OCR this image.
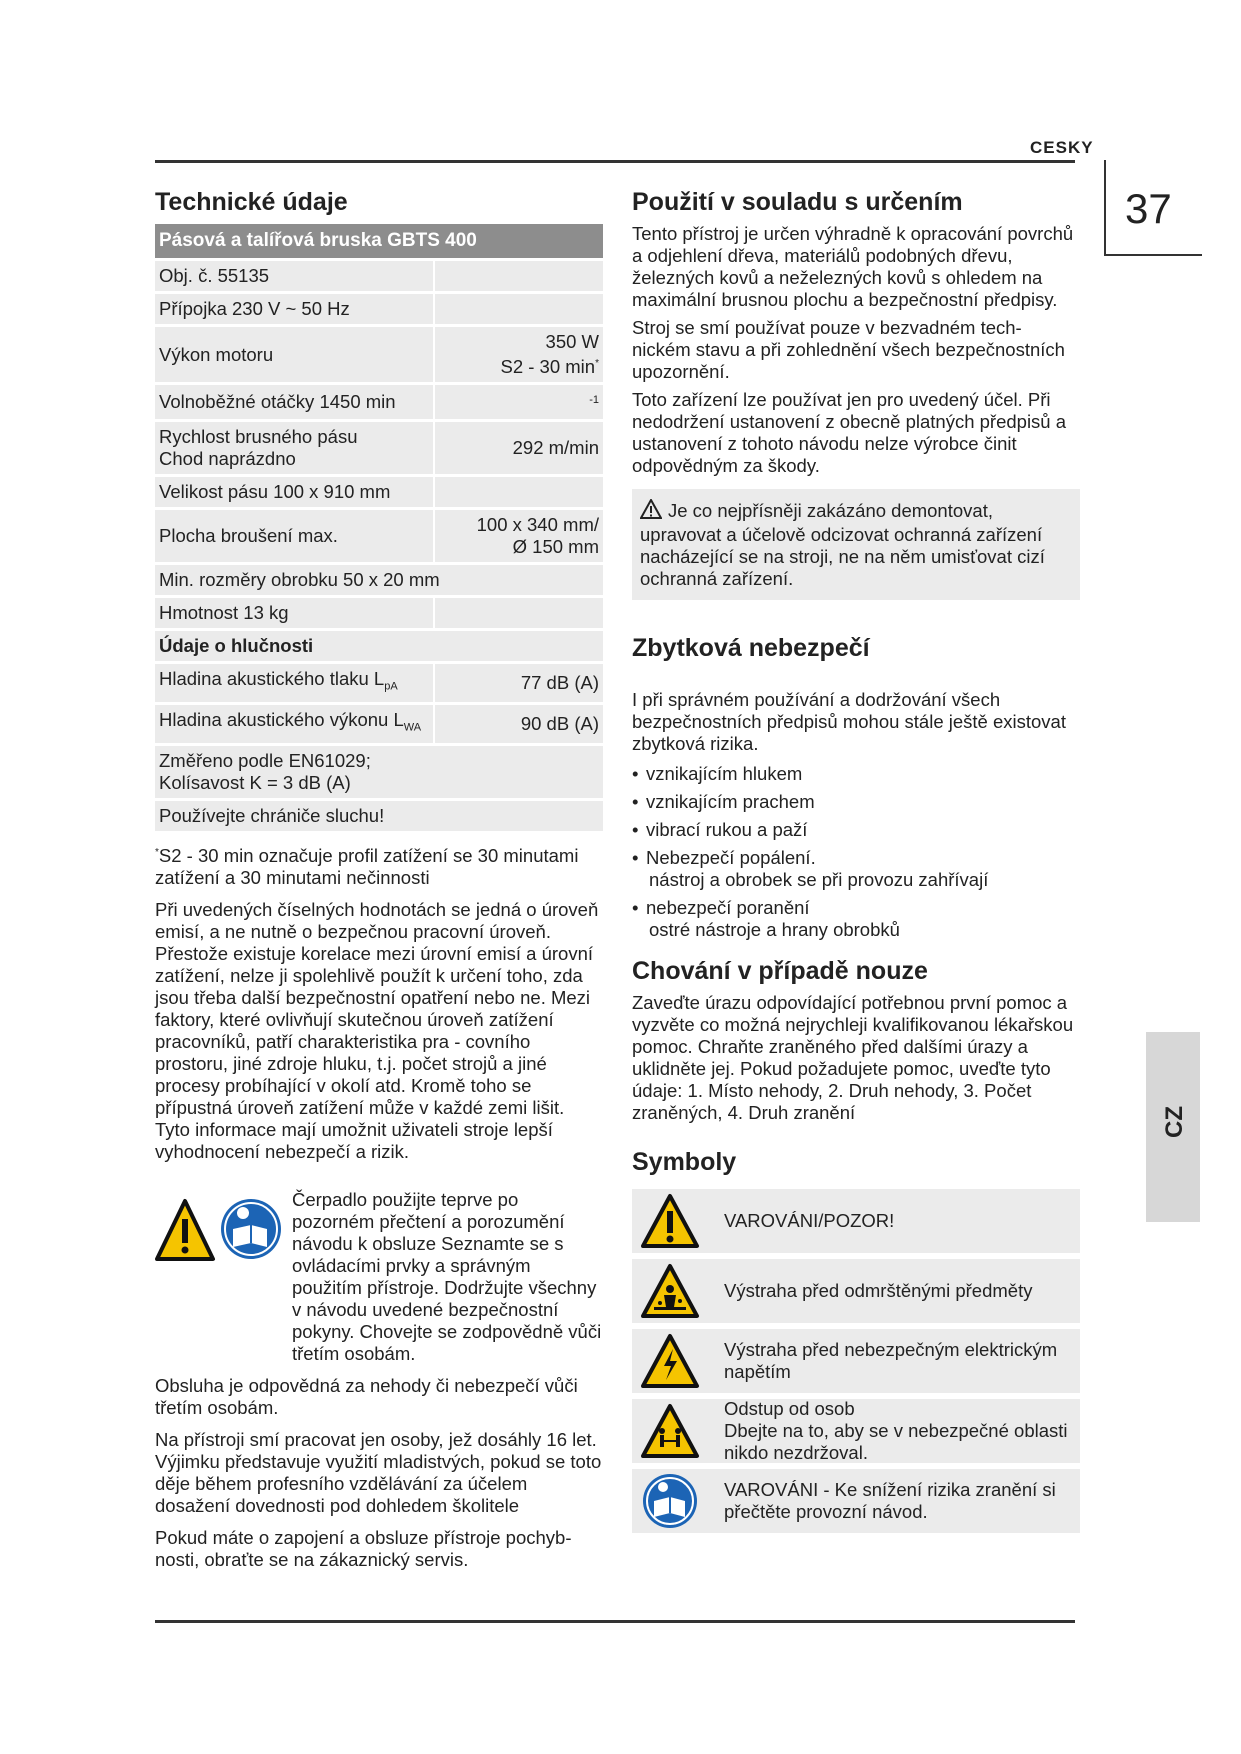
CESKY
37
CZ
Technické údaje
Pásová a talířová bruska GBTS 400	
Obj. č. 55135	
Přípojka 230 V ~ 50 Hz	
Výkon motoru	350 W
S2 - 30 min*

Volnoběžné otáčky 1450 min	$^{-1}$

Rychlost brusného pásu
Chod naprázdno	292 m/min
Velikost pásu 100 x 910 mm	
Plocha broušení max.	100 x 340 mm/
Ø 150 mm

Min. rozměry obrobku 50 x 20 mm	
Hmotnost 13 kg	
Údaje o hlučnosti	
Hladina akustického tlaku $L_{pA}$	77 dB (A)
Hladina akustického výkonu $L_{WA}$	90 dB (A)

Změřeno podle EN61029;
Kolísavost K = 3 dB (A)	

Používejte chrániče sluchu!	

*S2 - 30 min označuje profil zatížení se 30 minutami zatížení a 30 minutami nečinnosti

Při uvedených číselných hodnotách se jedná o úroveň emisí, a ne nutně o bezpečnou pracovní úroveň. Přestože existuje korelace mezi úrovní emisí a úrovní zatížení, nelze ji spolehlivě použít k určení toho, zda jsou třeba další bezpečnostní opatření nebo ne. Mezi faktory, které ovlivňují skutečnou úroveň zatížení pracovníků, patří charakteristika pra - covního prostoru, jiné zdroje hluku, t.j. počet strojů a jiné procesy probíhající v okolí atd. Kromě toho se přípustná úroveň zatížení může v každé zemi lišit. Tyto informace mají umožnit uživateli stroje lepší vyhodnocení nebezpečí a rizik.

Čerpadlo použijte teprve po pozorném přečtení a porozumění návodu k obsluze Seznamte se s ovládacími prvky a správným použitím přístroje. Dodržujte všechny v návodu uvedené bezpečnostní pokyny. Chovejte se zodpovědně vůči třetím osobám.

Obsluha je odpovědná za nehody či nebezpečí vůči třetím osobám.

Na přístroji smí pracovat jen osoby, jež dosáhly 16 let. Výjimku představuje využití mladistvých, pokud se toto děje během profesního vzdělávání za účelem dosažení dovednosti pod dohledem školitele

Pokud máte o zapojení a obsluze přístroje pochyb- nosti, obraťte se na zákaznický servis.

Použití v souladu s určením

Tento přístroj je určen výhradně k opracování povrchů a odjehlení dřeva, materiálů podobných dřevu, železných kovů a neželezných kovů s ohledem na maximální brusnou plochu a bezpečnostní předpisy.

Stroj se smí používat pouze v bezvadném tech- nickém stavu a při zohlednění všech bezpečnostních upozornění.

Toto zařízení lze používat jen pro uvedený účel. Při nedodržení ustanovení z obecně platných předpisů a ustanovení z tohoto návodu nelze výrobce činit odpovědným za škody.

Je co nejpřísněji zakázáno demontovat, upravovat a účelově odcizovat ochranná zařízení nacházející se na stroji, ne na něm umisťovat cizí ochranná zařízení.

Zbytková nebezpečí

I při správném používání a dodržování všech bezpečnostních předpisů mohou stále ještě existovat zbytková rizika.

• vznikajícím hlukem
• vznikajícím prachem
• vibrací rukou a paží
• Nebezpečí popálení.
nástroj a obrobek se při provozu zahřívají
• nebezpečí poranění
ostré nástroje a hrany obrobků
Chování v případě nouze

Zaveďte úrazu odpovídající potřebnou první pomoc a vyzvěte co možná nejrychleji kvalifikovanou lékařskou pomoc. Chraňte zraněného před dalšími úrazy a uklidněte jej. Pokud požadujete pomoc, uveďte tyto údaje: 1. Místo nehody, 2. Druh nehody, 3. Počet zraněných, 4. Druh zranění

Symboly
VAROVÁNI/POZOR!
Výstraha před odmrštěnými předměty
Výstraha před nebezpečným elektrickým napětím
Odstup od osob
Dbejte na to, aby se v nebezpečné oblasti nikdo nezdržoval.
VAROVÁNI - Ke snížení rizika zranění si přečtěte provozní návod.
